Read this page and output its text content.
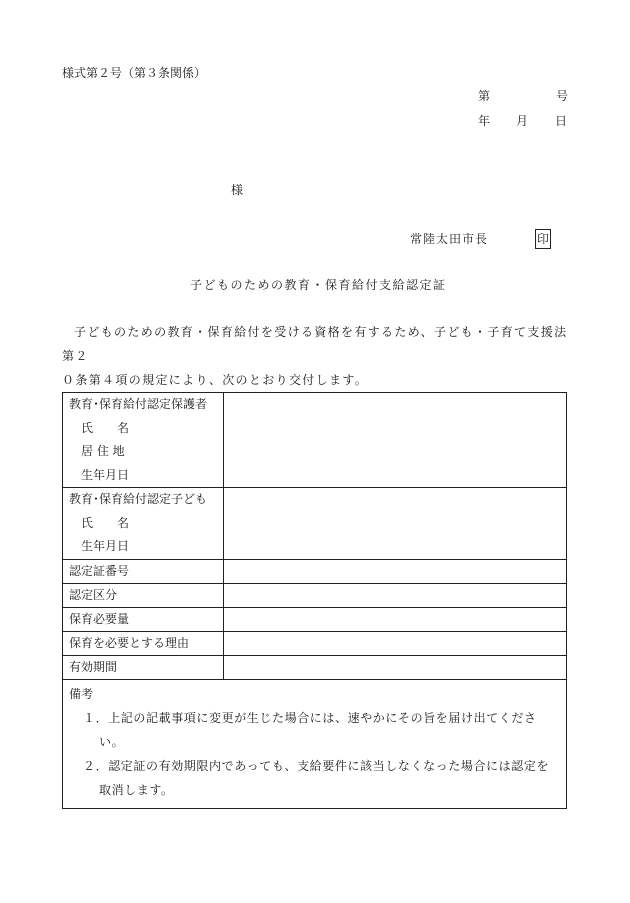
様式第２号（第３条関係）
第	号
年 月 日
様
常陸太田市長	印
子どものための教育・保育給付支給認定証
子どものための教育・保育給付を受ける資格を有するため、子ども・子育て支援法第２
０条第４項の規定により、次のとおり交付します。
教育･保育給付認定保護者
氏　　名
居 住 地
生年月日	

教育･保育給付認定子ども
氏　　名
生年月日	

認定証番号	

認定区分	

保育必要量	

保育を必要とする理由	

有効期間	

備考
１．上記の記載事項に変更が生じた場合には、速やかにその旨を届け出てください。
２．認定証の有効期限内であっても、支給要件に該当しなくなった場合には認定を取消します。	
